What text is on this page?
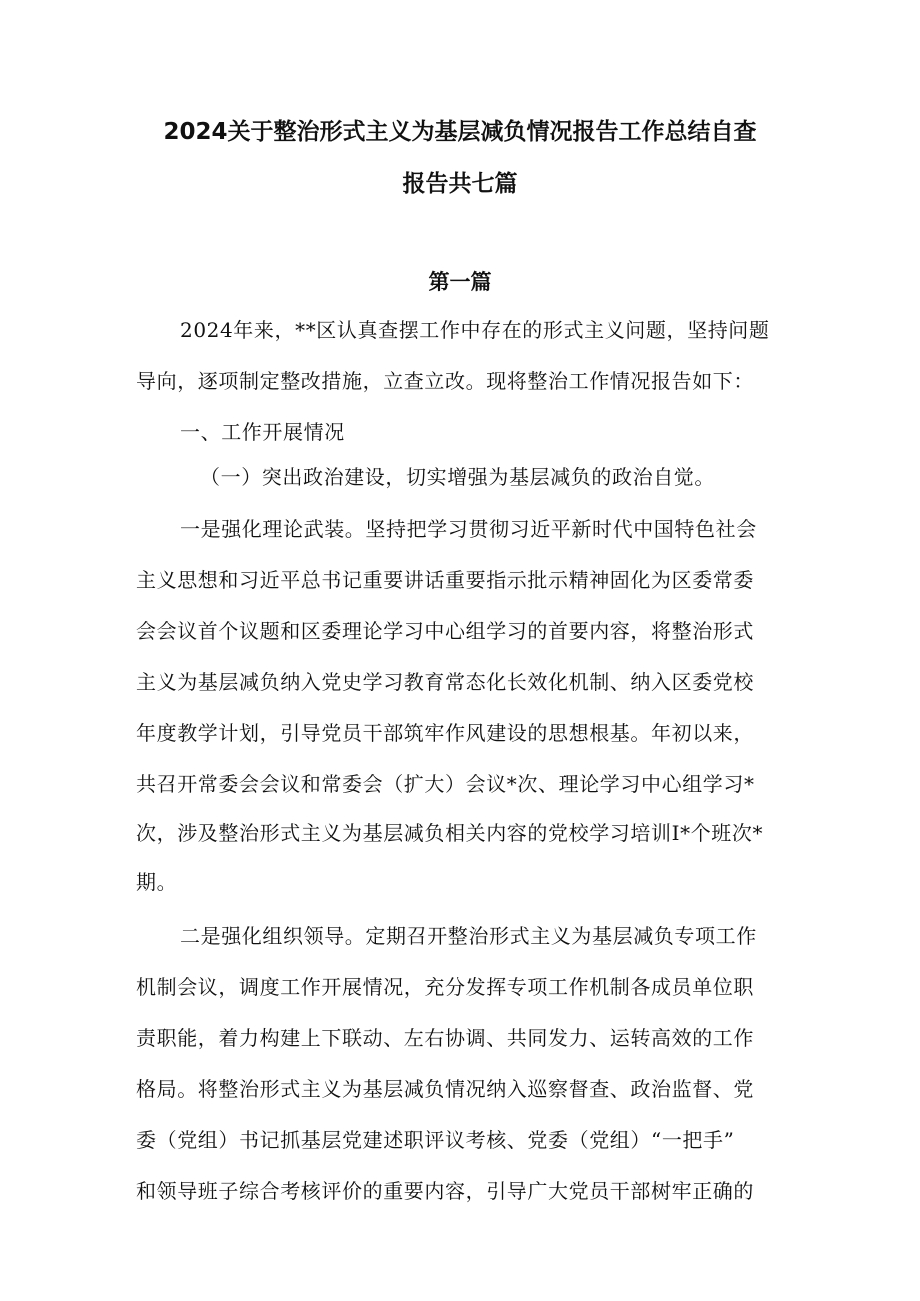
2024关于整治形式主义为基层减负情况报告工作总结自查
报告共七篇
第一篇
2024年来，**区认真查摆工作中存在的形式主义问题，坚持问题
导向，逐项制定整改措施，立查立改。现将整治工作情况报告如下：
一、工作开展情况
（一）突出政治建设，切实增强为基层减负的政治自觉。
一是强化理论武装。坚持把学习贯彻习近平新时代中国特色社会
主义思想和习近平总书记重要讲话重要指示批示精神固化为区委常委
会会议首个议题和区委理论学习中心组学习的首要内容，将整治形式
主义为基层减负纳入党史学习教育常态化长效化机制、纳入区委党校
年度教学计划，引导党员干部筑牢作风建设的思想根基。年初以来，
共召开常委会会议和常委会（扩大）会议*次、理论学习中心组学习*
次，涉及整治形式主义为基层减负相关内容的党校学习培训I*个班次*
期。
二是强化组织领导。定期召开整治形式主义为基层减负专项工作
机制会议，调度工作开展情况，充分发挥专项工作机制各成员单位职
责职能，着力构建上下联动、左右协调、共同发力、运转高效的工作
格局。将整治形式主义为基层减负情况纳入巡察督查、政治监督、党
委（党组）书记抓基层党建述职评议考核、党委（党组）“一把手”
和领导班子综合考核评价的重要内容，引导广大党员干部树牢正确的
